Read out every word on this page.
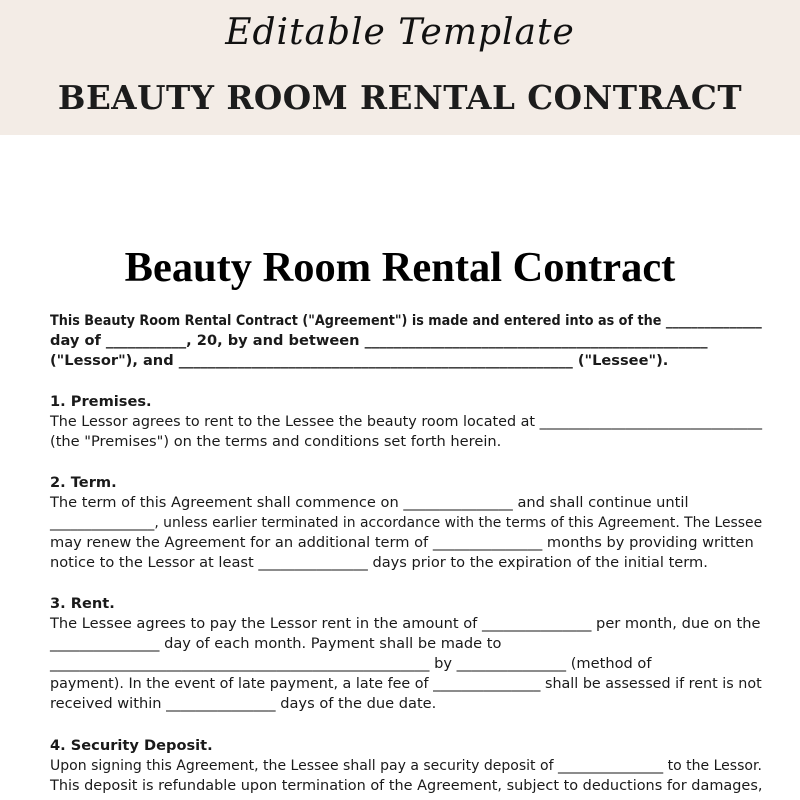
Editable Template
BEAUTY ROOM RENTAL CONTRACT
Beauty Room Rental Contract
This Beauty Room Rental Contract ("Agreement") is made and entered into as of the _______________
day of ___________, 20, by and between _______________________________________________
("Lessor"), and ______________________________________________________ ("Lessee").
1. Premises.
The Lessor agrees to rent to the Lessee the beauty room located at _______________________________
(the "Premises") on the terms and conditions set forth herein.
2. Term.
The term of this Agreement shall commence on _______________ and shall continue until
_______________, unless earlier terminated in accordance with the terms of this Agreement. The Lessee
may renew the Agreement for an additional term of _______________ months by providing written
notice to the Lessor at least _______________ days prior to the expiration of the initial term.
3. Rent.
The Lessee agrees to pay the Lessor rent in the amount of _______________ per month, due on the
_______________ day of each month. Payment shall be made to
____________________________________________________ by _______________ (method of
payment). In the event of late payment, a late fee of _______________ shall be assessed if rent is not
received within _______________ days of the due date.
4. Security Deposit.
Upon signing this Agreement, the Lessee shall pay a security deposit of _______________ to the Lessor.
This deposit is refundable upon termination of the Agreement, subject to deductions for damages,
